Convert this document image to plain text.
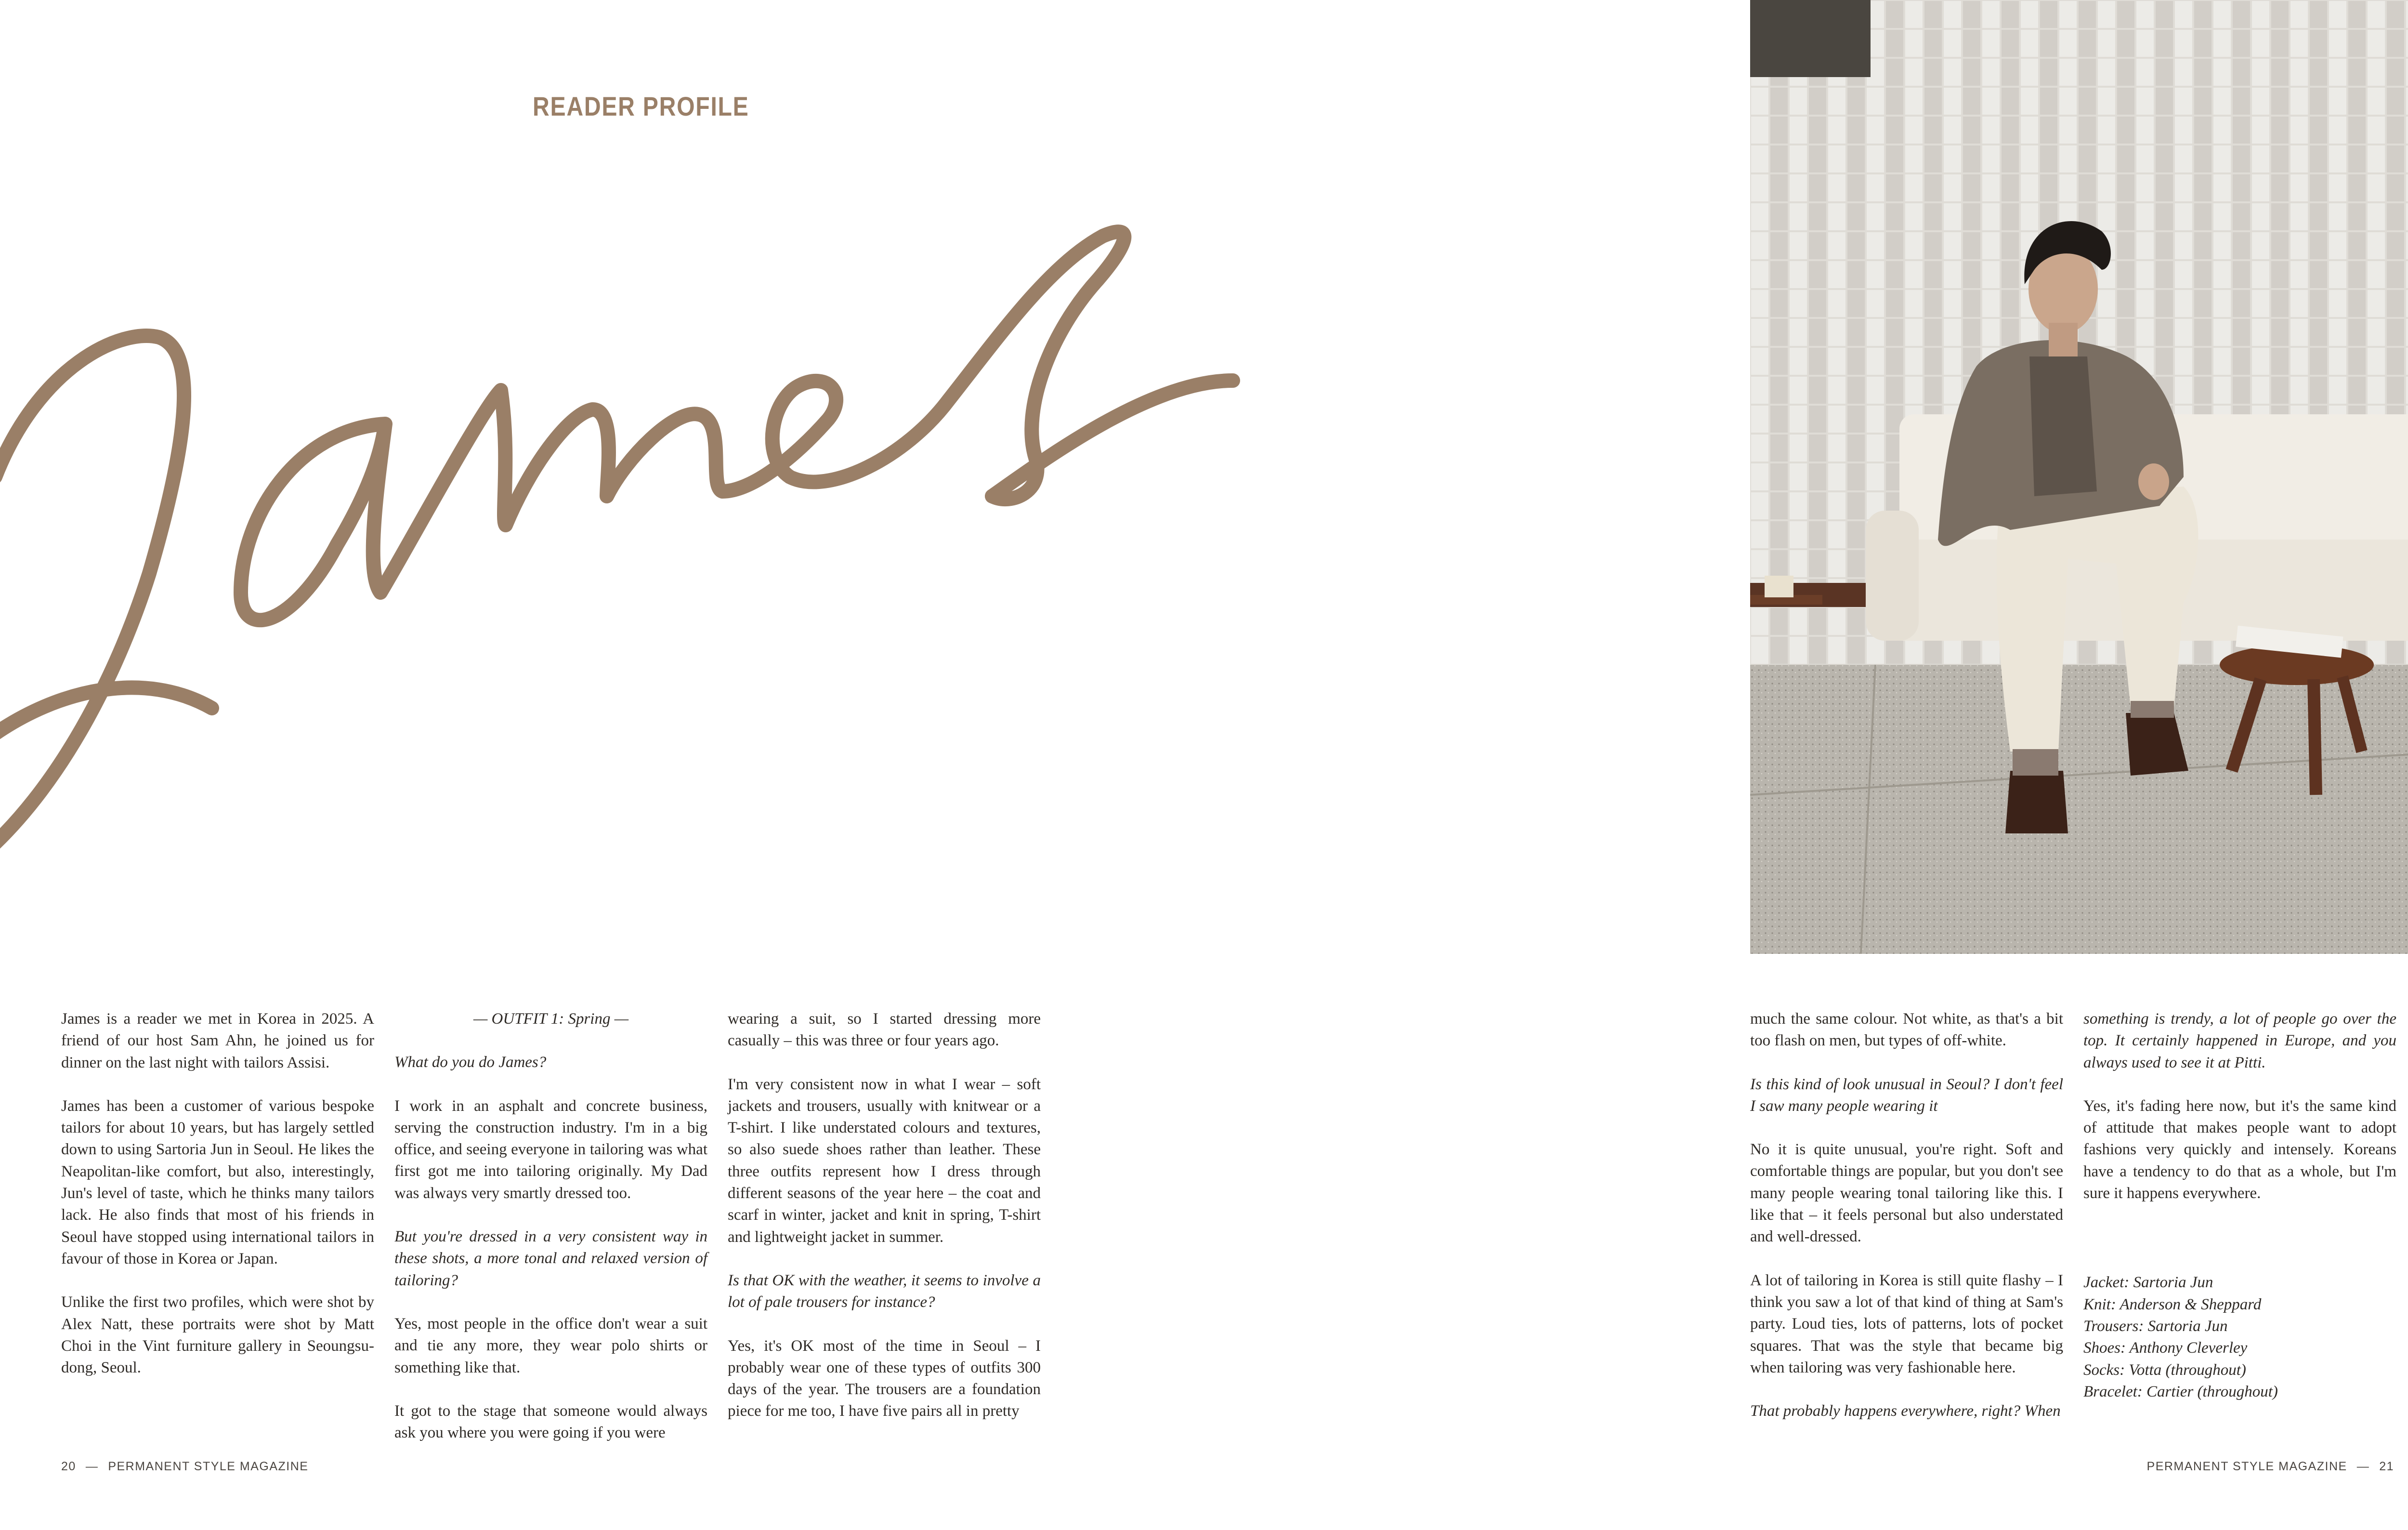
READER PROFILE

James is a reader we met in Korea in 2025. A friend of our host Sam Ahn, he joined us for dinner on the last night with tailors Assisi.

James has been a customer of various bespoke tailors for about 10 years, but has largely settled down to using Sartoria Jun in Seoul. He likes the Neapolitan-like comfort, but also, interestingly, Jun's level of taste, which he thinks many tailors lack. He also finds that most of his friends in Seoul have stopped using international tailors in favour of those in Korea or Japan.

Unlike the first two profiles, which were shot by Alex Natt, these portraits were shot by Matt Choi in the Vint furniture gallery in Seoungsu-dong, Seoul.

— OUTFIT 1: Spring —

What do you do James?

I work in an asphalt and concrete business, serving the construction industry. I'm in a big office, and seeing everyone in tailoring was what first got me into tailoring originally. My Dad was always very smartly dressed too.

But you're dressed in a very consistent way in these shots, a more tonal and relaxed version of tailoring?

Yes, most people in the office don't wear a suit and tie any more, they wear polo shirts or something like that.

It got to the stage that someone would always ask you where you were going if you were

wearing a suit, so I started dressing more casually – this was three or four years ago.

I'm very consistent now in what I wear – soft jackets and trousers, usually with knitwear or a T-shirt. I like understated colours and textures, so also suede shoes rather than leather. These three outfits represent how I dress through different seasons of the year here – the coat and scarf in winter, jacket and knit in spring, T-shirt and lightweight jacket in summer.

Is that OK with the weather, it seems to involve a lot of pale trousers for instance?

Yes, it's OK most of the time in Seoul – I probably wear one of these types of outfits 300 days of the year. The trousers are a foundation piece for me too, I have five pairs all in pretty

much the same colour. Not white, as that's a bit too flash on men, but types of off-white.

Is this kind of look unusual in Seoul? I don't feel I saw many people wearing it

No it is quite unusual, you're right. Soft and comfortable things are popular, but you don't see many people wearing tonal tailoring like this. I like that – it feels personal but also understated and well-dressed.

A lot of tailoring in Korea is still quite flashy – I think you saw a lot of that kind of thing at Sam's party. Loud ties, lots of patterns, lots of pocket squares. That was the style that became big when tailoring was very fashionable here.

That probably happens everywhere, right? When

something is trendy, a lot of people go over the top. It certainly happened in Europe, and you always used to see it at Pitti.

Yes, it's fading here now, but it's the same kind of attitude that makes people want to adopt fashions very quickly and intensely. Koreans have a tendency to do that as a whole, but I'm sure it happens everywhere.

Jacket: Sartoria Jun
Knit: Anderson & Sheppard
Trousers: Sartoria Jun
Shoes: Anthony Cleverley
Socks: Votta (throughout)
Bracelet: Cartier (throughout)
20 — PERMANENT STYLE MAGAZINE	PERMANENT STYLE MAGAZINE — 21
